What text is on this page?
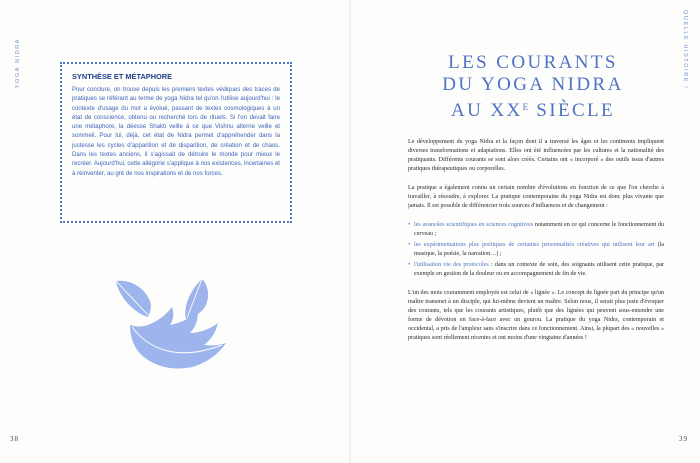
YOGA NIDRA	QUELLE HISTOIRE !

SYNTHÈSE ET MÉTAPHORE

Pour conclure, on trouve depuis les premiers textes védiques des traces de pratiques se référant au terme de yoga Nidra tel qu'on l'utilise aujourd'hui : le contexte d'usage du mot a évolué, passant de textes cosmologiques à un état de conscience, obtenu ou recherché lors de rituels. Si l'on devait faire une métaphore, la déesse Shakti veille à ce que Vishnu alterne veille et sommeil. Pour lui, déjà, cet état de Nidra permet d'appréhender dans la justesse les cycles d'apparition et de disparition, de création et de chaos. Dans les textes anciens, il s'agissait de détruire le monde pour mieux le recréer. Aujourd'hui, cette allégorie s'applique à nos existences, incertaines et à réinventer, au gré de nos inspirations et de nos forces.

38	39
LES COURANTS
DU YOGA NIDRA
AU $XX^E$ SIÈCLE

Le développement du yoga Nidra et la façon dont il a traversé les âges et les continents impliquent diverses transformations et adaptations. Elles ont été influencées par les cultures et la nationalité des pratiquants. Différents courants se sont alors créés. Certains ont « incorporé » des outils issus d'autres pratiques thérapeutiques ou corporelles.

La pratique a également connu un certain nombre d'évolutions en fonction de ce que l'on cherche à travailler, à résoudre, à explorer. La pratique contemporaine du yoga Nidra est donc plus vivante que jamais. Il est possible de différencier trois sources d'influences et de changement :

• les avancées scientifiques en sciences cognitives notamment en ce qui concerne le fonctionnement du cerveau ;
• les expérimentations plus poétiques de certaines personnalités créatives qui utilisent leur art (la musique, la poésie, la narration…) ;
• l'utilisation vie des protocoles : dans un contexte de soin, des soignants utilisent cette pratique, par exemple en gestion de la douleur ou en accompagnement de fin de vie.

L'un des mots couramment employés est celui de « lignée ». Le concept de lignée part du principe qu'un maître transmet à un disciple, qui lui-même devient un maître. Selon nous, il serait plus juste d'évoquer des courants, tels que les courants artistiques, plutôt que des lignées qui peuvent sous-entendre une forme de dévotion en face-à-face avec un gourou. La pratique du yoga Nidra, contemporain et occidental, a pris de l'ampleur sans s'inscrire dans ce fonctionnement. Ainsi, la plupart des « nouvelles » pratiques sont réellement récentes et ont moins d'une vingtaine d'années !
